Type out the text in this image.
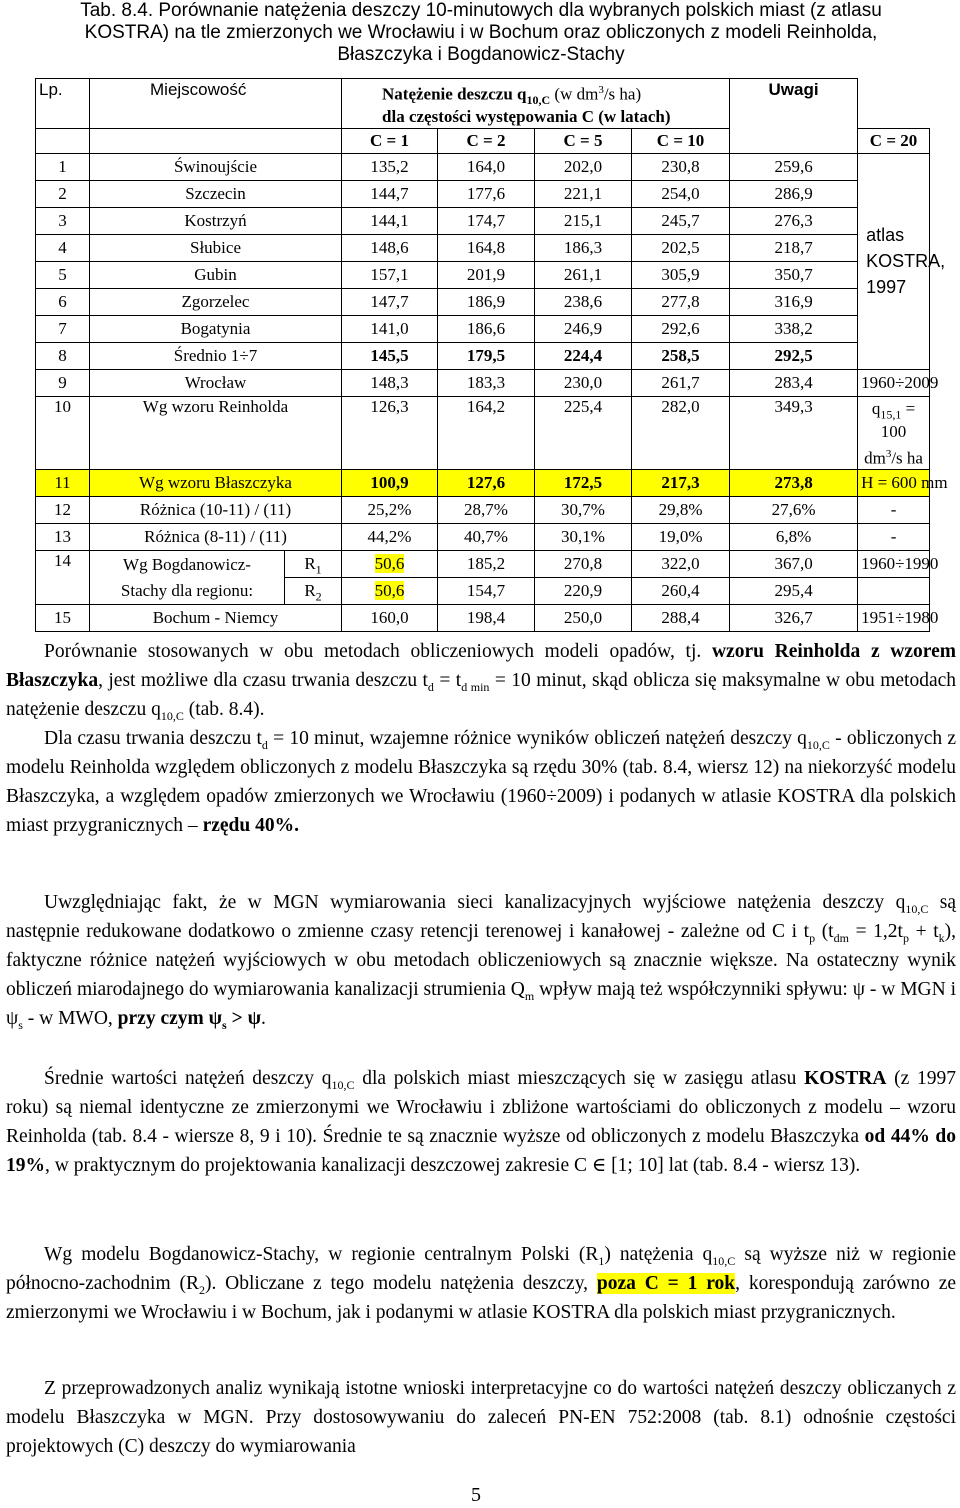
Tab. 8.4. Porównanie natężenia deszczy 10-minutowych dla wybranych polskich miast (z atlasu
KOSTRA) na tle zmierzonych we Wrocławiu i w Bochum oraz obliczonych z modeli Reinholda,
Błaszczyka i Bogdanowicz-Stachy
Lp.	Miejscowość		Natężenie deszczu $q_{10,C}$ (w $dm^3/s$ ha)				Uwagi	
			dla częstości występowania C (w latach)					
			C = 1	C = 2	C = 5	C = 10		C = 20
1	Świnoujście		135,2	164,0	202,0	230,8	259,6	atlas
KOSTRA,
1997

2	Szczecin		144,7	177,6	221,1	254,0	286,9	
3	Kostrzyń		144,1	174,7	215,1	245,7	276,3	
4	Słubice		148,6	164,8	186,3	202,5	218,7	
5	Gubin		157,1	201,9	261,1	305,9	350,7	
6	Zgorzelec		147,7	186,9	238,6	277,8	316,9	
7	Bogatynia		141,0	186,6	246,9	292,6	338,2	
8	Średnio 1÷7		145,5	179,5	224,4	258,5	292,5	
9	Wrocław		148,3	183,3	230,0	261,7	283,4	1960÷2009
10	Wg wzoru Reinholda		126,3	164,2	225,4	282,0	349,3	$q_{15,1} = 100$
$dm^3/s$ ha
11	Wg wzoru Błaszczyka		100,9	127,6	172,5	217,3	273,8	H = 600 mm
12	Różnica (10-11) / (11)		25,2%	28,7%	30,7%	29,8%	27,6%	-
13	Różnica (8-11) / (11)		44,2%	40,7%	30,1%	19,0%	6,8%	-
14	Wg Bogdanowicz-	$R_1$	50,6	185,2	270,8	322,0	367,0	1960÷1990
	Stachy dla regionu:	$R_2$	50,6	154,7	220,9	260,4	295,4	
15	Bochum - Niemcy		160,0	198,4	250,0	288,4	326,7	1951÷1980

Porównanie stosowanych w obu metodach obliczeniowych modeli opadów, tj. wzoru Reinholda z wzorem Błaszczyka, jest możliwe dla czasu trwania deszczu $t_d = t_{d min} = 10$ minut, skąd oblicza się maksymalne w obu metodach natężenie deszczu $q_{10,C}$ (tab. 8.4).

Dla czasu trwania deszczu $t_d = 10$ minut, wzajemne różnice wyników obliczeń natężeń deszczy $q_{10,C}$ - obliczonych z modelu Reinholda względem obliczonych z modelu Błaszczyka są rzędu 30% (tab. 8.4, wiersz 12) na niekorzyść modelu Błaszczyka, a względem opadów zmierzonych we Wrocławiu (1960÷2009) i podanych w atlasie KOSTRA dla polskich miast przygranicznych – rzędu 40%.

Uwzględniając fakt, że w MGN wymiarowania sieci kanalizacyjnych wyjściowe natężenia deszczy $q_{10,C}$ są następnie redukowane dodatkowo o zmienne czasy retencji terenowej i kanałowej - zależne od C i $t_p$ $(t_{dm} = 1,2t_p + t_k)$, faktyczne różnice natężeń wyjściowych w obu metodach obliczeniowych są znacznie większe. Na ostateczny wynik obliczeń miarodajnego do wymiarowania kanalizacji strumienia $Q_m$ wpływ mają też współczynniki spływu: ψ - w MGN i $\psi_s$ - w MWO, przy czym $\psi_s > \psi$.

Średnie wartości natężeń deszczy $q_{10,C}$ dla polskich miast mieszczących się w zasięgu atlasu KOSTRA (z 1997 roku) są niemal identyczne ze zmierzonymi we Wrocławiu i zbliżone wartościami do obliczonych z modelu – wzoru Reinholda (tab. 8.4 - wiersze 8, 9 i 10). Średnie te są znacznie wyższe od obliczonych z modelu Błaszczyka od 44% do 19%, w praktycznym do projektowania kanalizacji deszczowej zakresie C ∈ [1; 10] lat (tab. 8.4 - wiersz 13).

Wg modelu Bogdanowicz-Stachy, w regionie centralnym Polski $(R_1)$ natężenia $q_{10,C}$ są wyższe niż w regionie północno-zachodnim $(R_2)$. Obliczane z tego modelu natężenia deszczy, poza C = 1 rok, korespondują zarówno ze zmierzonymi we Wrocławiu i w Bochum, jak i podanymi w atlasie KOSTRA dla polskich miast przygranicznych.

Z przeprowadzonych analiz wynikają istotne wnioski interpretacyjne co do wartości natężeń deszczy obliczanych z modelu Błaszczyka w MGN. Przy dostosowywaniu do zaleceń PN-EN 752:2008 (tab. 8.1) odnośnie częstości projektowych (C) deszczy do wymiarowania

5
